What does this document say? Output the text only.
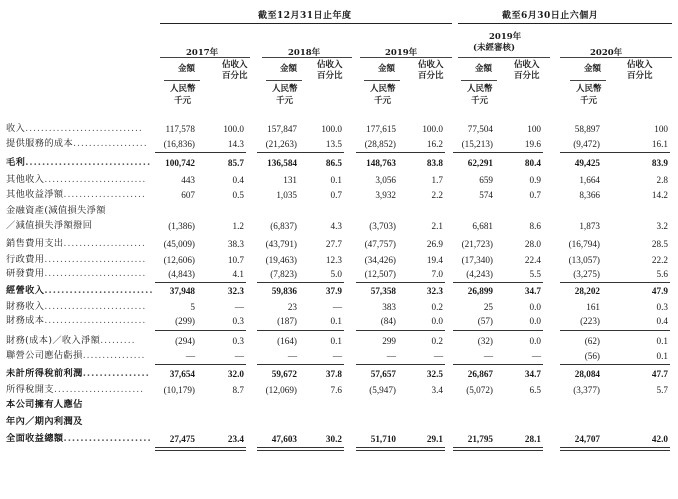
截至12月31日止年度	截至6月30日止六個月
2017年	2018年	2019年
2019年
(未經審核)	2020年
金額	佔收入
百分比
人民幣
千元
金額 佔收入
百分比
人民幣
千元
金額	佔收入
百分比
人民幣
千元
金額	佔收入
百分比
人民幣
千元
金額	佔收入
百分比
人民幣
千元
收入.............................. 117,578	100.0	157,847	100.0	177,615	100.0	77,504	100	58,897	100
提供服務的成本................... (16,836)	14.3 (21,263)	13.5 (28,852)	16.2 (15,213)	19.6	(9,472)	16.1
毛利.............................. 100,742	85.7	136,584	86.5	148,763	83.8	62,291	80.4	49,425	83.9
其他收入..........................	443	0.4	131	0.1	3,056	1.7	659	0.9	1,664	2.8
其他收益淨額.....................	607	0.5	1,035	0.7	3,932	2.2	574	0.7	8,366	14.2
金融資產(減值損失淨額
／減值損失淨額撥回	(1,386)	1.2	(6,837)	4.3	(3,703)	2.1	6,681	8.6	1,873	3.2
銷售費用支出..................... (45,009)	38.3 (43,791)	27.7 (47,757)	26.9 (21,723)	28.0	(16,794)	28.5
行政費用.......................... (12,606)	10.7 (19,463)	12.3 (34,426)	19.4 (17,340)	22.4	(13,057)	22.2
研發費用.......................... (4,843)	4.1	(7,823)	5.0 (12,507)	7.0	(4,243)	5.5	(3,275)	5.6
經營收入.......................... 37,948	32.3	59,836	37.9	57,358	32.3	26,899	34.7	28,202	47.9
財務收入..........................	5	—	23	—	383	0.2	25	0.0	161	0.3
財務成本..........................	(299)	0.3	(187)	0.1	(84)	0.0	(57)	0.0	(223)	0.4
財務(成本)／收入淨額.........	(294)	0.3	(164)	0.1	299	0.2	(32)	0.0	(62)	0.1
聯營公司應佔虧損................	—	—	—	—	—	—	—	—	(56)	0.1
未計所得稅前利潤................ 37,654	32.0	59,672	37.8	57,657	32.5	26,867	34.7	28,084	47.7
所得稅開支....................... (10,179)	8.7 (12,069)	7.6	(5,947)	3.4	(5,072)	6.5	(3,377)	5.7
本公司擁有人應佔
年內／期內利潤及
全面收益總額..................... 27,475	23.4	47,603	30.2	51,710	29.1	21,795	28.1	24,707	42.0
